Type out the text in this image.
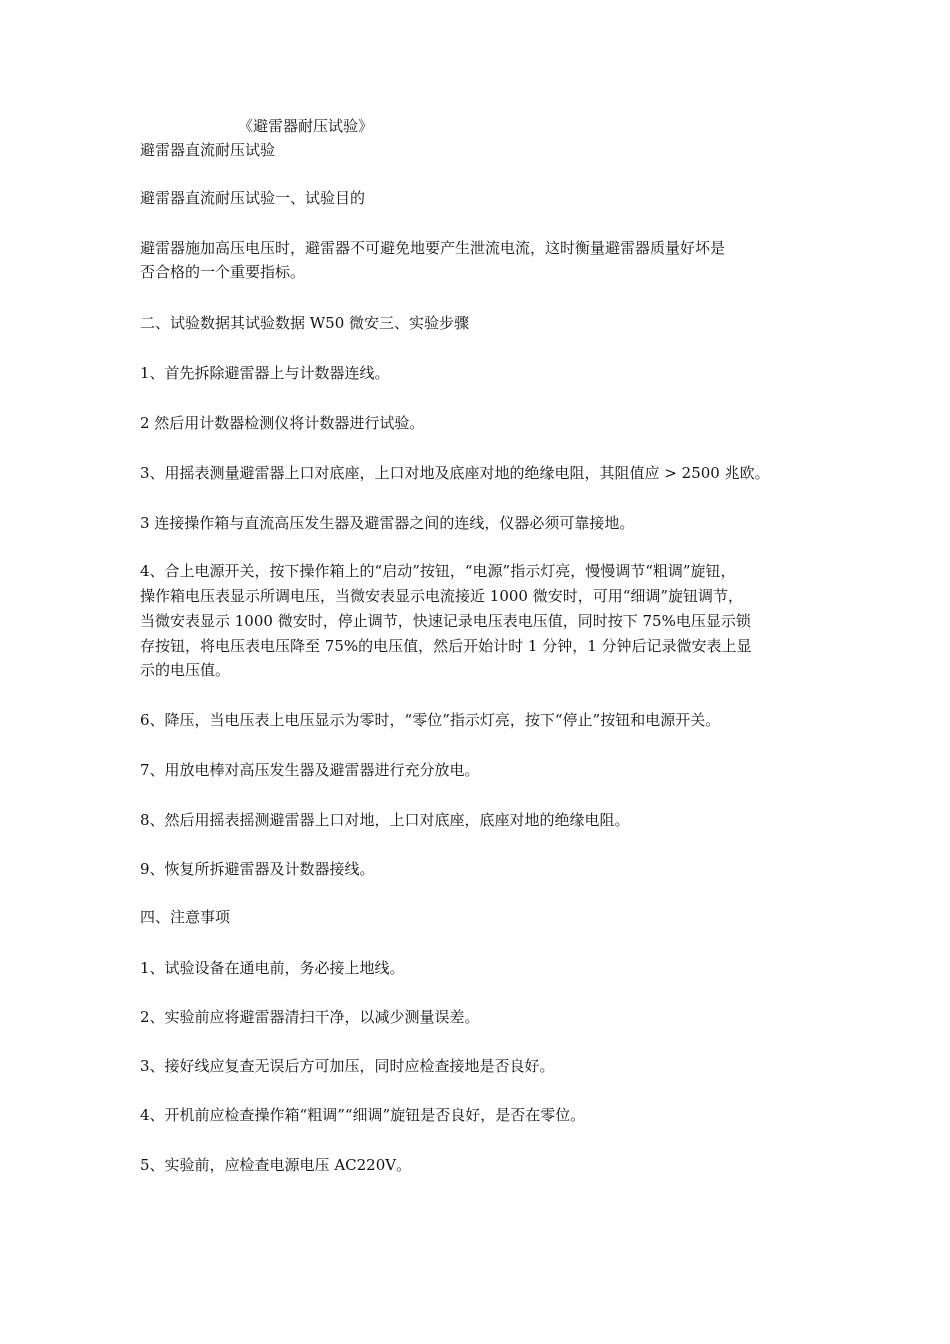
《避雷器耐压试验》
避雷器直流耐压试验
避雷器直流耐压试验一、试验目的
避雷器施加高压电压时，避雷器不可避免地要产生泄流电流，这时衡量避雷器质量好坏是
否合格的一个重要指标。
二、试验数据其试验数据 W50 微安三、实验步骤
1、首先拆除避雷器上与计数器连线。
2 然后用计数器检测仪将计数器进行试验。
3、用摇表测量避雷器上口对底座，上口对地及底座对地的绝缘电阻，其阻值应 > 2500 兆欧。
3 连接操作箱与直流高压发生器及避雷器之间的连线，仪器必须可靠接地。
4、合上电源开关，按下操作箱上的“启动”按钮，“电源”指示灯亮，慢慢调节“粗调”旋钮，
操作箱电压表显示所调电压，当微安表显示电流接近 1000 微安时，可用“细调”旋钮调节，
当微安表显示 1000 微安时，停止调节，快速记录电压表电压值，同时按下 75%电压显示锁
存按钮，将电压表电压降至 75%的电压值，然后开始计时 1 分钟，1 分钟后记录微安表上显
示的电压值。
6、降压，当电压表上电压显示为零时，“零位”指示灯亮，按下“停止”按钮和电源开关。
7、用放电棒对高压发生器及避雷器进行充分放电。
8、然后用摇表摇测避雷器上口对地，上口对底座，底座对地的绝缘电阻。
9、恢复所拆避雷器及计数器接线。
四、注意事项
1、试验设备在通电前，务必接上地线。
2、实验前应将避雷器清扫干净，以减少测量误差。
3、接好线应复查无误后方可加压，同时应检查接地是否良好。
4、开机前应检查操作箱“粗调”“细调”旋钮是否良好，是否在零位。
5、实验前，应检查电源电压 AC220V。
